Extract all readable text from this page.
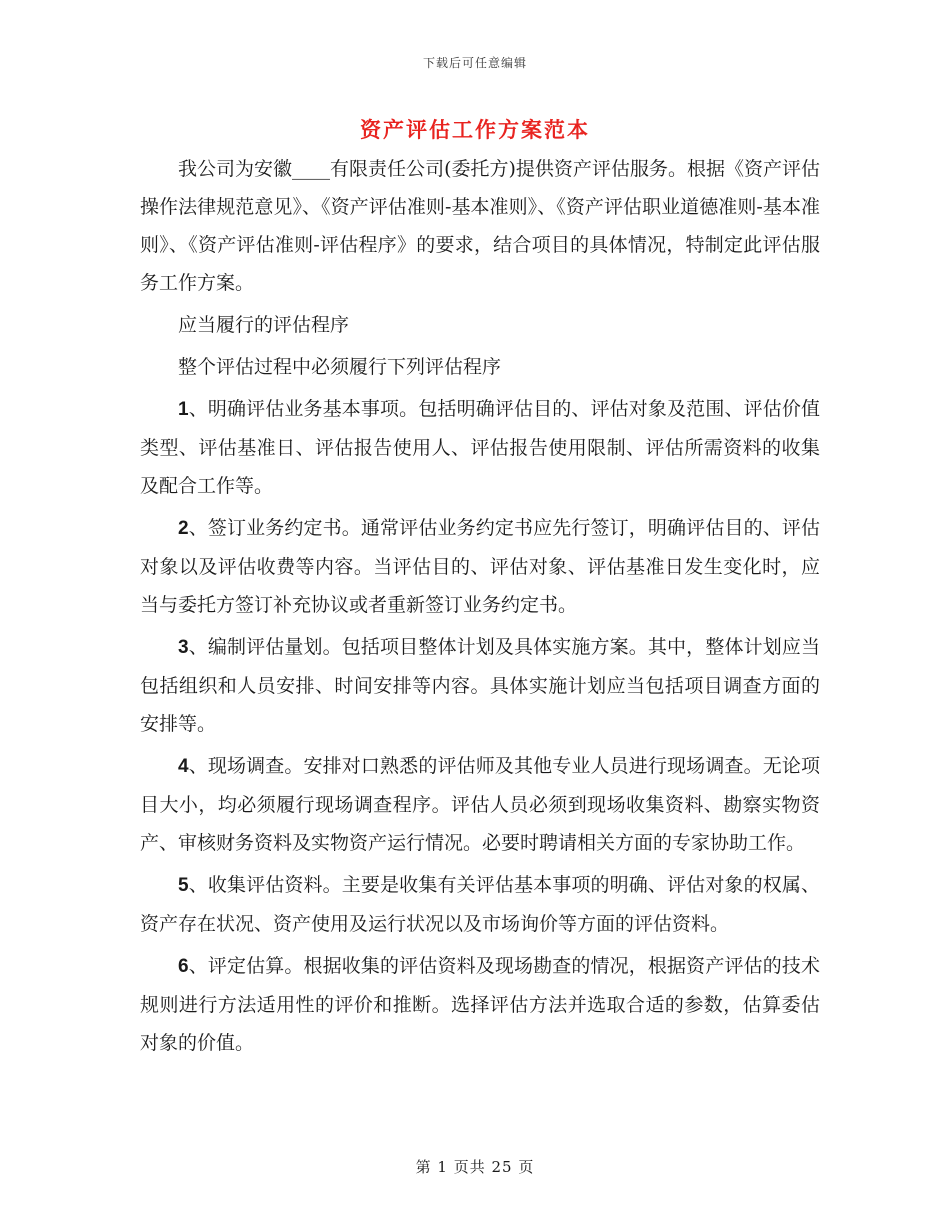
下载后可任意编辑
资产评估工作方案范本

我公司为安徽____有限责任公司(委托方)提供资产评估服务。根据《资产评估操作法律规范意见》、《资产评估准则-基本准则》、《资产评估职业道德准则-基本准则》、《资产评估准则-评估程序》的要求，结合项目的具体情况，特制定此评估服务工作方案。

应当履行的评估程序

整个评估过程中必须履行下列评估程序

1、明确评估业务基本事项。包括明确评估目的、评估对象及范围、评估价值类型、评估基准日、评估报告使用人、评估报告使用限制、评估所需资料的收集及配合工作等。

2、签订业务约定书。通常评估业务约定书应先行签订，明确评估目的、评估对象以及评估收费等内容。当评估目的、评估对象、评估基准日发生变化时，应当与委托方签订补充协议或者重新签订业务约定书。

3、编制评估量划。包括项目整体计划及具体实施方案。其中，整体计划应当包括组织和人员安排、时间安排等内容。具体实施计划应当包括项目调查方面的安排等。

4、现场调查。安排对口熟悉的评估师及其他专业人员进行现场调查。无论项目大小，均必须履行现场调查程序。评估人员必须到现场收集资料、勘察实物资产、审核财务资料及实物资产运行情况。必要时聘请相关方面的专家协助工作。

5、收集评估资料。主要是收集有关评估基本事项的明确、评估对象的权属、资产存在状况、资产使用及运行状况以及市场询价等方面的评估资料。

6、评定估算。根据收集的评估资料及现场勘查的情况，根据资产评估的技术规则进行方法适用性的评价和推断。选择评估方法并选取合适的参数，估算委估对象的价值。

第 1 页共 25 页
